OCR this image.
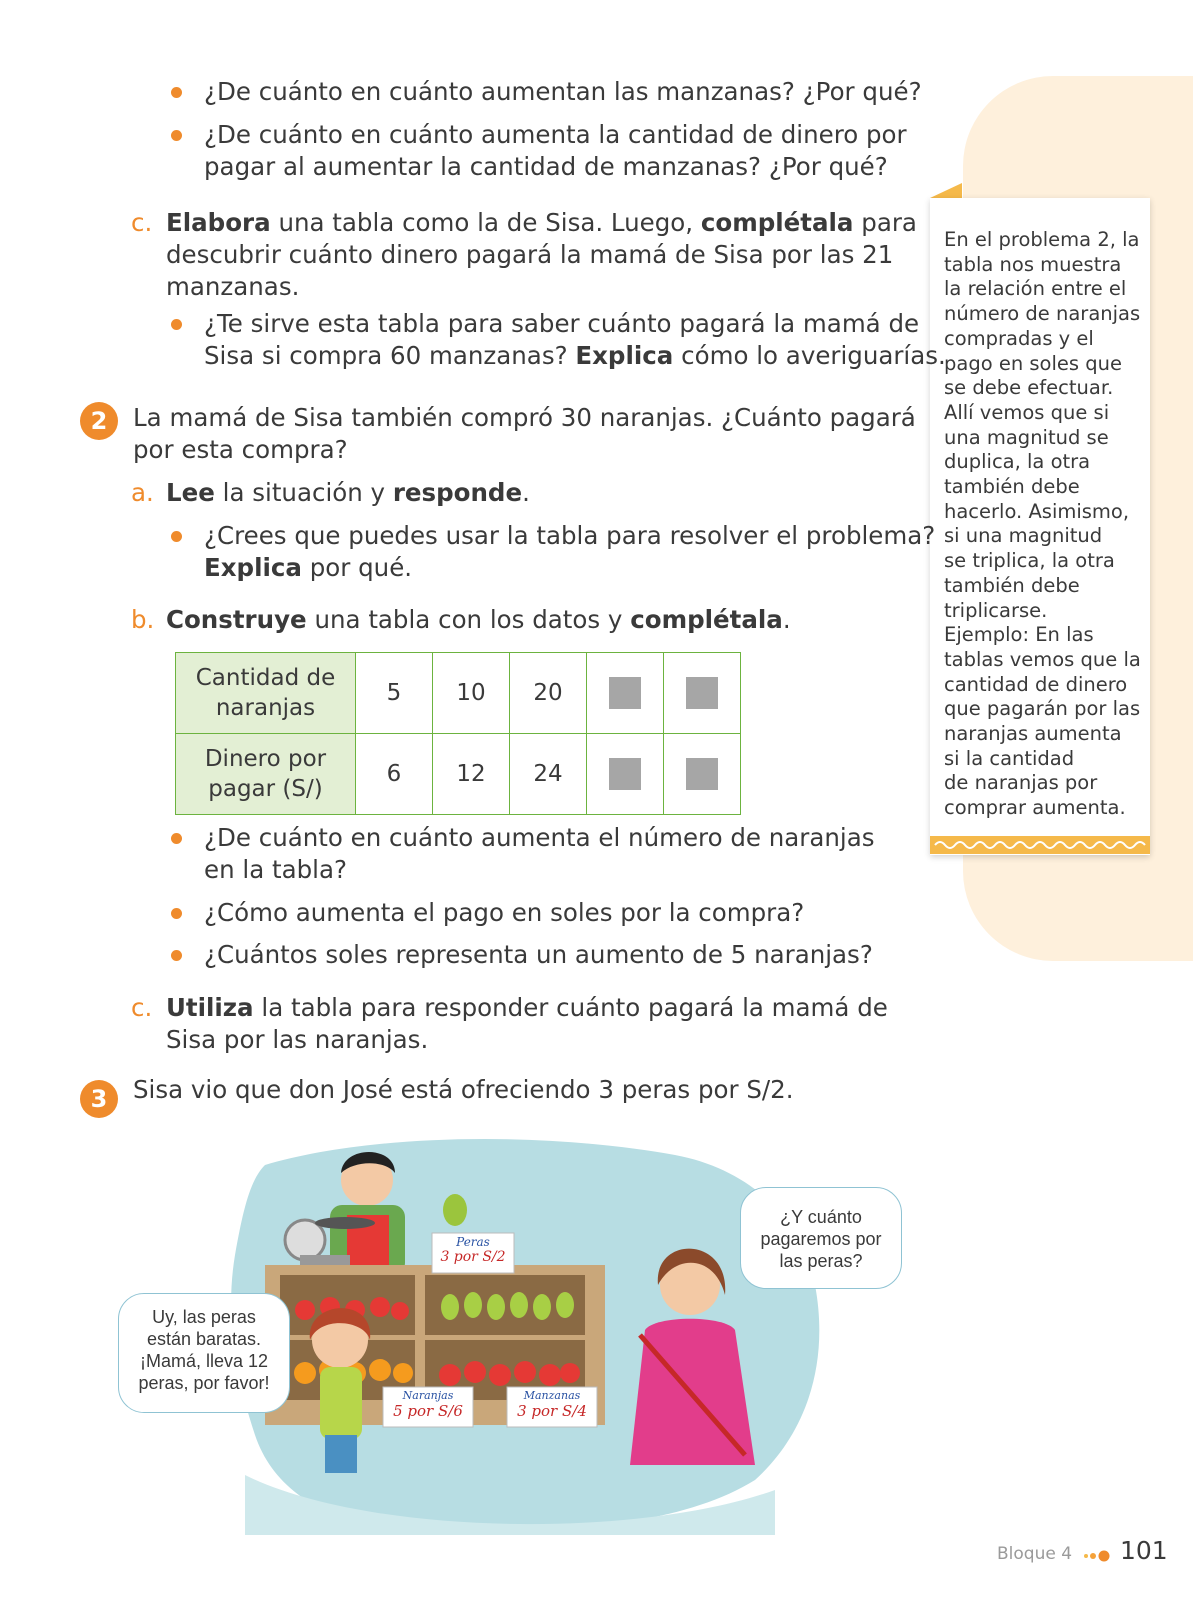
En el problema 2, la
tabla nos muestra
la relación entre el
número de naranjas
compradas y el
pago en soles que
se debe efectuar.
Allí vemos que si
una magnitud se
duplica, la otra
también debe
hacerlo. Asimismo,
si una magnitud
se triplica, la otra
también debe
triplicarse.
Ejemplo: En las
tablas vemos que la
cantidad de dinero
que pagarán por las
naranjas aumenta
si la cantidad
de naranjas por
comprar aumenta.
¿De cuánto en cuánto aumentan las manzanas? ¿Por qué?
¿De cuánto en cuánto aumenta la cantidad de dinero por
pagar al aumentar la cantidad de manzanas? ¿Por qué?
c. Elabora una tabla como la de Sisa. Luego, complétala para
descubrir cuánto dinero pagará la mamá de Sisa por las 21
manzanas.
¿Te sirve esta tabla para saber cuánto pagará la mamá de
Sisa si compra 60 manzanas? Explica cómo lo averiguarías.
2	La mamá de Sisa también compró 30 naranjas. ¿Cuánto pagará
por esta compra?
a. Lee la situación y responde.
¿Crees que puedes usar la tabla para resolver el problema?
Explica por qué.
b. Construye una tabla con los datos y complétala.
Cantidad de
naranjas	5	10	20		
Dinero por
pagar (S/)	6	12	24		
¿De cuánto en cuánto aumenta el número de naranjas
en la tabla?
¿Cómo aumenta el pago en soles por la compra?
¿Cuántos soles representa un aumento de 5 naranjas?
c. Utiliza la tabla para responder cuánto pagará la mamá de
Sisa por las naranjas.
3	Sisa vio que don José está ofreciendo 3 peras por S/2.
Peras
3 por S/2
Naranjas
5 por S/6
Manzanas
3 por S/4
¿Y cuánto
pagaremos por
las peras?
Uy, las peras
están baratas.
¡Mamá, lleva 12
peras, por favor!
Bloque 4 101
